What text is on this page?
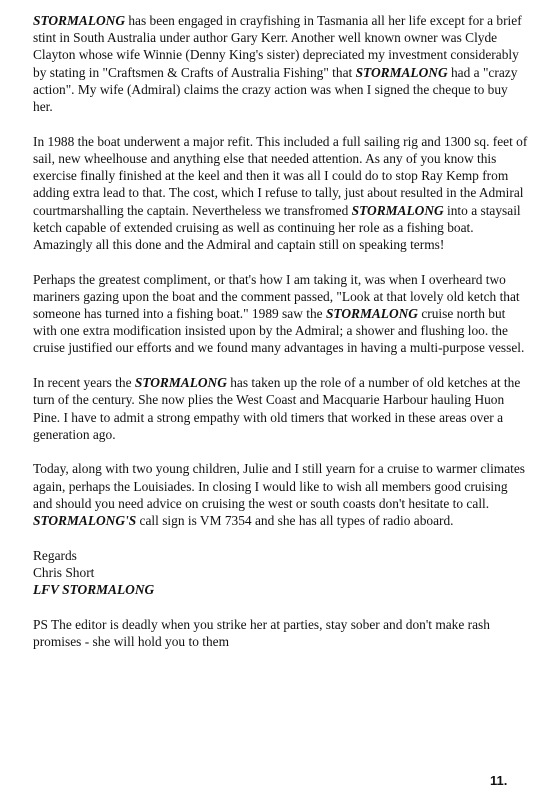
STORMALONG has been engaged in crayfishing in Tasmania all her life except for a brief stint in South Australia under author Gary Kerr. Another well known owner was Clyde Clayton whose wife Winnie (Denny King's sister) depreciated my investment considerably by stating in "Craftsmen & Crafts of Australia Fishing" that STORMALONG had a "crazy action". My wife (Admiral) claims the crazy action was when I signed the cheque to buy her.

In 1988 the boat underwent a major refit. This included a full sailing rig and 1300 sq. feet of sail, new wheelhouse and anything else that needed attention. As any of you know this exercise finally finished at the keel and then it was all I could do to stop Ray Kemp from adding extra lead to that. The cost, which I refuse to tally, just about resulted in the Admiral courtmarshalling the captain. Nevertheless we transfromed STORMALONG into a staysail ketch capable of extended cruising as well as continuing her role as a fishing boat. Amazingly all this done and the Admiral and captain still on speaking terms!

Perhaps the greatest compliment, or that's how I am taking it, was when I overheard two mariners gazing upon the boat and the comment passed, "Look at that lovely old ketch that someone has turned into a fishing boat." 1989 saw the STORMALONG cruise north but with one extra modification insisted upon by the Admiral; a shower and flushing loo. the cruise justified our efforts and we found many advantages in having a multi-purpose vessel.

In recent years the STORMALONG has taken up the role of a number of old ketches at the turn of the century. She now plies the West Coast and Macquarie Harbour hauling Huon Pine. I have to admit a strong empathy with old timers that worked in these areas over a generation ago.

Today, along with two young children, Julie and I still yearn for a cruise to warmer climates again, perhaps the Louisiades. In closing I would like to wish all members good cruising and should you need advice on cruising the west or south coasts don't hesitate to call. STORMALONG'S call sign is VM 7354 and she has all types of radio aboard.

Regards
Chris Short
LFV STORMALONG

PS The editor is deadly when you strike her at parties, stay sober and don't make rash promises - she will hold you to them

11.
